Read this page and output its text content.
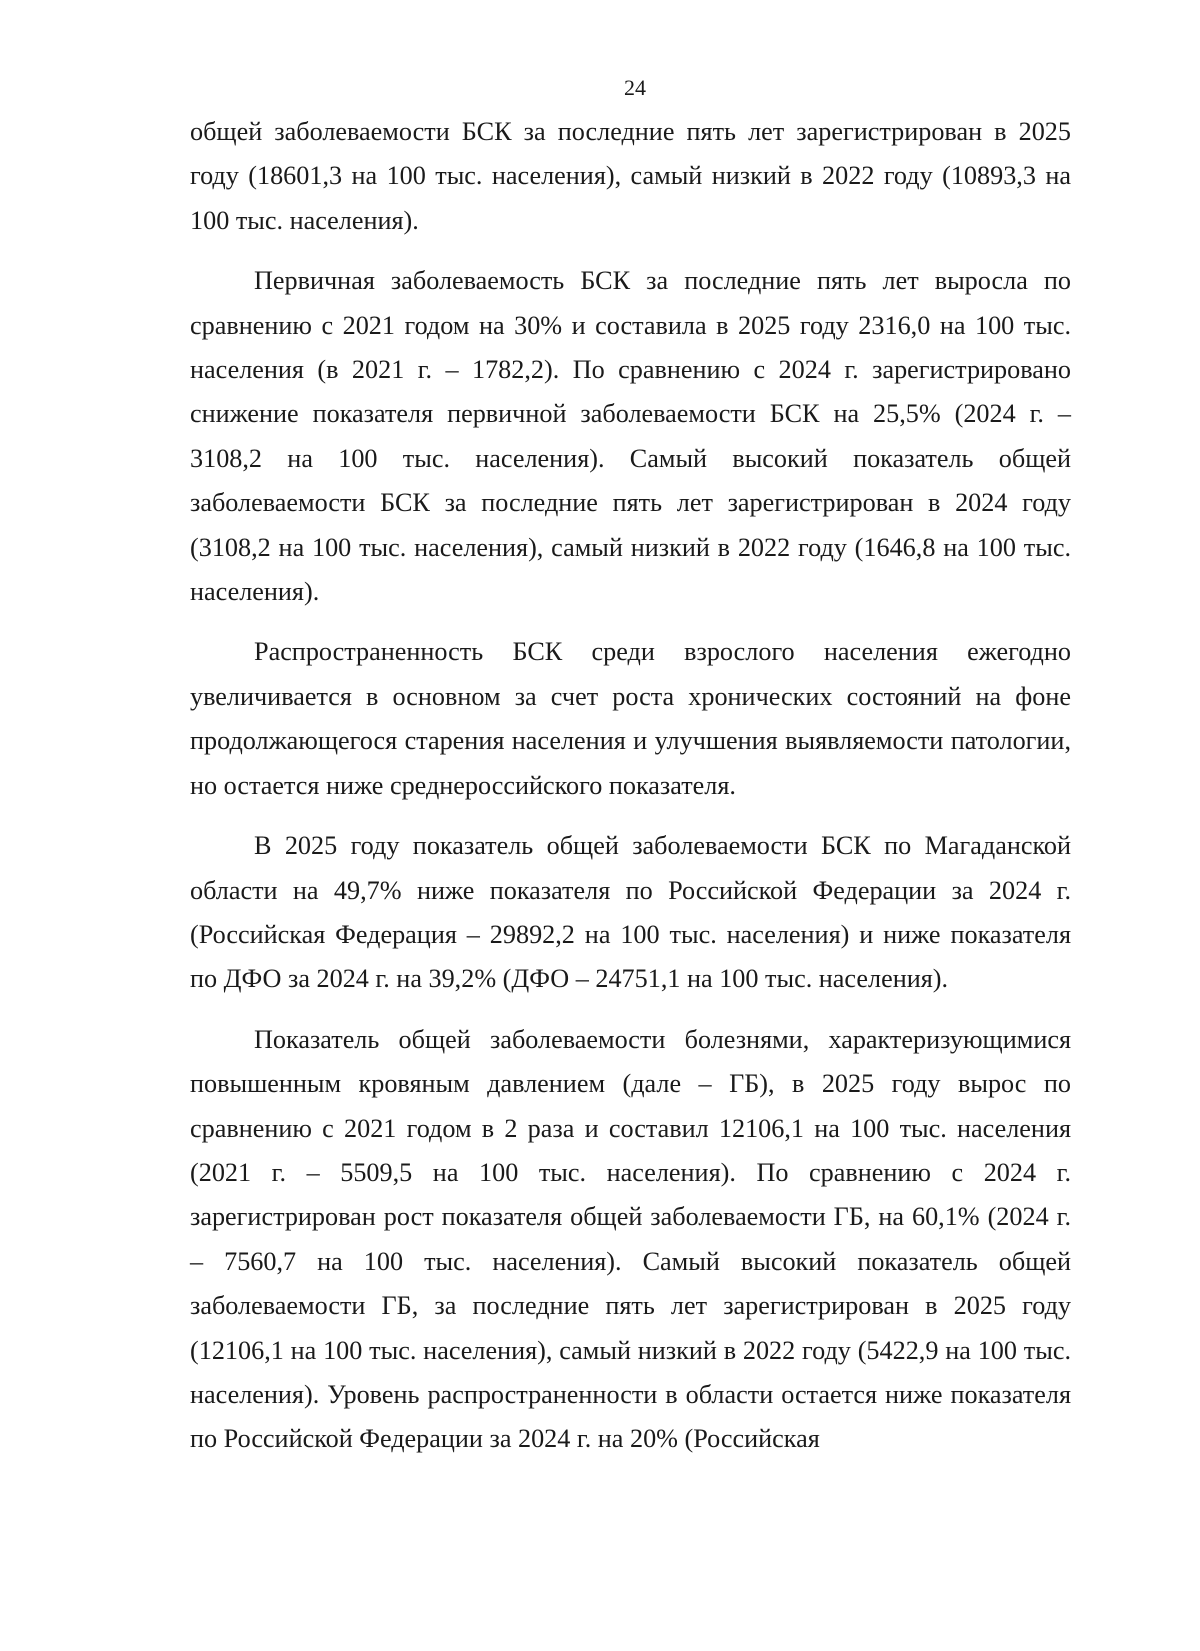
24

общей заболеваемости БСК за последние пять лет зарегистрирован в 2025 году (18601,3 на 100 тыс. населения), самый низкий в 2022 году (10893,3 на 100 тыс. населения).

Первичная заболеваемость БСК за последние пять лет выросла по сравнению с 2021 годом на 30% и составила в 2025 году 2316,0 на 100 тыс. населения (в 2021 г. – 1782,2). По сравнению с 2024 г. зарегистрировано снижение показателя первичной заболеваемости БСК на 25,5% (2024 г. – 3108,2 на 100 тыс. населения). Самый высокий показатель общей заболеваемости БСК за последние пять лет зарегистрирован в 2024 году (3108,2 на 100 тыс. населения), самый низкий в 2022 году (1646,8 на 100 тыс. населения).

Распространенность БСК среди взрослого населения ежегодно увеличивается в основном за счет роста хронических состояний на фоне продолжающегося старения населения и улучшения выявляемости патологии, но остается ниже среднероссийского показателя.

В 2025 году показатель общей заболеваемости БСК по Магаданской области на 49,7% ниже показателя по Российской Федерации за 2024 г. (Российская Федерация – 29892,2 на 100 тыс. населения) и ниже показателя по ДФО за 2024 г. на 39,2% (ДФО – 24751,1 на 100 тыс. населения).

Показатель общей заболеваемости болезнями, характеризующимися повышенным кровяным давлением (дале – ГБ), в 2025 году вырос по сравнению с 2021 годом в 2 раза и составил 12106,1 на 100 тыс. населения (2021 г. – 5509,5 на 100 тыс. населения). По сравнению с 2024 г. зарегистрирован рост показателя общей заболеваемости ГБ, на 60,1% (2024 г. – 7560,7 на 100 тыс. населения). Самый высокий показатель общей заболеваемости ГБ, за последние пять лет зарегистрирован в 2025 году (12106,1 на 100 тыс. населения), самый низкий в 2022 году (5422,9 на 100 тыс. населения). Уровень распространенности в области остается ниже показателя по Российской Федерации за 2024 г. на 20% (Российская
